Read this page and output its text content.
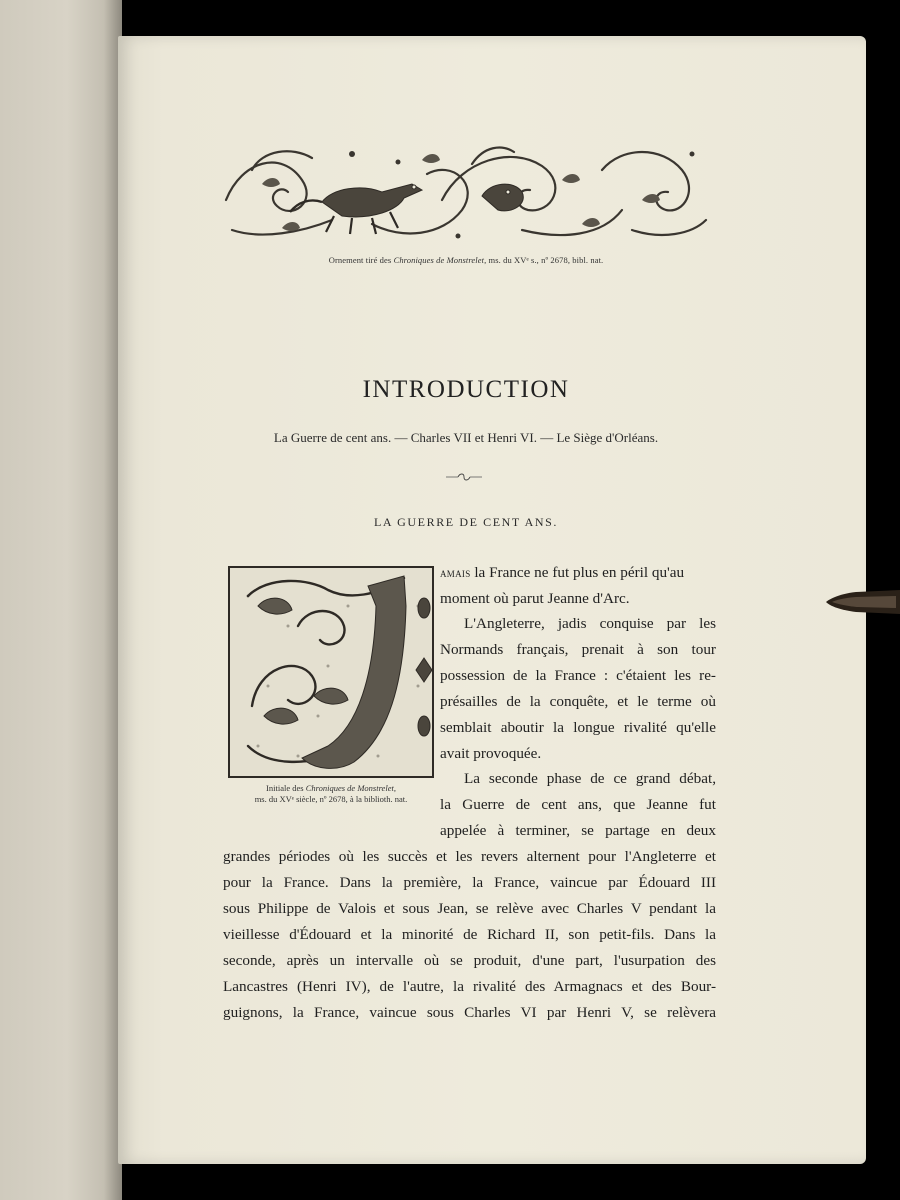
Ornement tiré des Chroniques de Monstrelet, ms. du XVᵉ s., nº 2678, bibl. nat.
INTRODUCTION
La Guerre de cent ans. — Charles VII et Henri VI. — Le Siège d'Orléans.
LA GUERRE DE CENT ANS.
Initiale des Chroniques de Monstrelet,
ms. du XVᵉ siècle, nº 2678, à la biblioth. nat.
amais la France ne fut plus en péril qu'au
moment où parut Jeanne d'Arc.
L'Angleterre, jadis conquise par les
Normands français, prenait à son tour
possession de la France : c'étaient les re-
présailles de la conquête, et le terme où
semblait aboutir la longue rivalité qu'elle
avait provoquée.
La seconde phase de ce grand débat,
la Guerre de cent ans, que Jeanne fut
appelée à terminer, se partage en deux
grandes périodes où les succès et les revers alternent pour l'Angleterre et
pour la France. Dans la première, la France, vaincue par Édouard III
sous Philippe de Valois et sous Jean, se relève avec Charles V pendant la
vieillesse d'Édouard et la minorité de Richard II, son petit-fils. Dans la
seconde, après un intervalle où se produit, d'une part, l'usurpation des
Lancastres (Henri IV), de l'autre, la rivalité des Armagnacs et des Bour-
guignons, la France, vaincue sous Charles VI par Henri V, se relèvera
